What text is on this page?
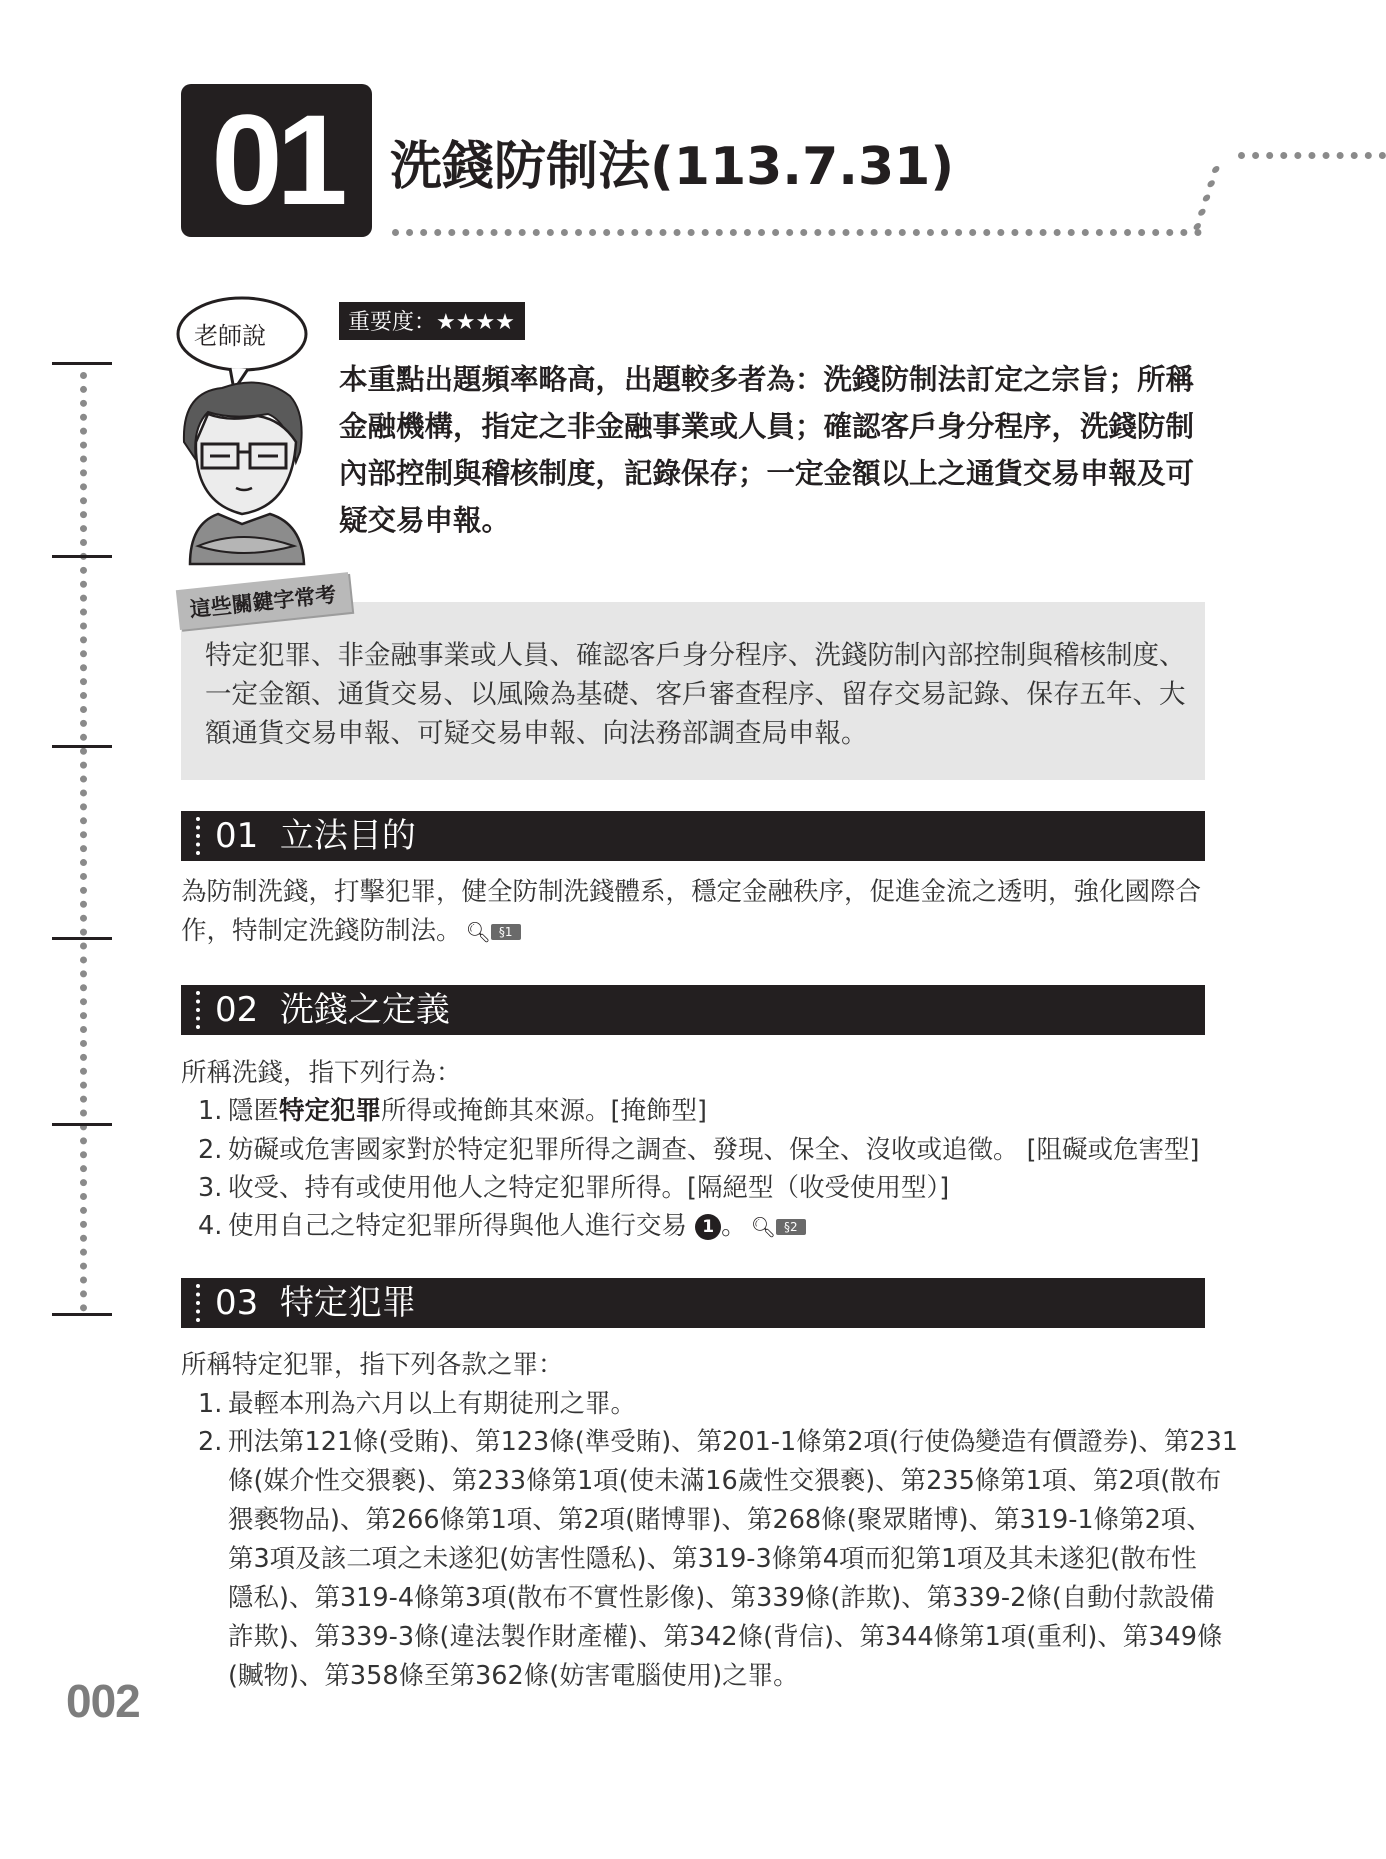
01 洗錢防制法(113.7.31)
老師說	重要度：★★★★
本重點出題頻率略高，出題較多者為：洗錢防制法訂定之宗旨；所稱金融機構，指定之非金融事業或人員；確認客戶身分程序，洗錢防制內部控制與稽核制度，記錄保存；一定金額以上之通貨交易申報及可疑交易申報。
這些關鍵字常考
特定犯罪、非金融事業或人員、確認客戶身分程序、洗錢防制內部控制與稽核制度、一定金額、通貨交易、以風險為基礎、客戶審查程序、留存交易記錄、保存五年、大額通貨交易申報、可疑交易申報、向法務部調查局申報。
01 立法目的
為防制洗錢，打擊犯罪，健全防制洗錢體系，穩定金融秩序，促進金流之透明，強化國際合作，特制定洗錢防制法。 🔍︎ §1
02 洗錢之定義
所稱洗錢，指下列行為：
1. 隱匿特定犯罪所得或掩飾其來源。[掩飾型]
2. 妨礙或危害國家對於特定犯罪所得之調查、發現、保全、沒收或追徵。 [阻礙或危害型]
3. 收受、持有或使用他人之特定犯罪所得。[隔絕型（收受使用型）]
4. 使用自己之特定犯罪所得與他人進行交易 1 。 🔍︎ §2
03 特定犯罪
所稱特定犯罪，指下列各款之罪：
1. 最輕本刑為六月以上有期徒刑之罪。
2. 刑法第121條(受賄)、第123條(準受賄)、第201-1條第2項(行使偽變造有價證券)、第231
條(媒介性交猥褻)、第233條第1項(使未滿16歲性交猥褻)、第235條第1項、第2項(散布
猥褻物品)、第266條第1項、第2項(賭博罪)、第268條(聚眾賭博)、第319-1條第2項、
第3項及該二項之未遂犯(妨害性隱私)、第319-3條第4項而犯第1項及其未遂犯(散布性
隱私)、第319-4條第3項(散布不實性影像)、第339條(詐欺)、第339-2條(自動付款設備
詐欺)、第339-3條(違法製作財產權)、第342條(背信)、第344條第1項(重利)、第349條
(贓物)、第358條至第362條(妨害電腦使用)之罪。
002
